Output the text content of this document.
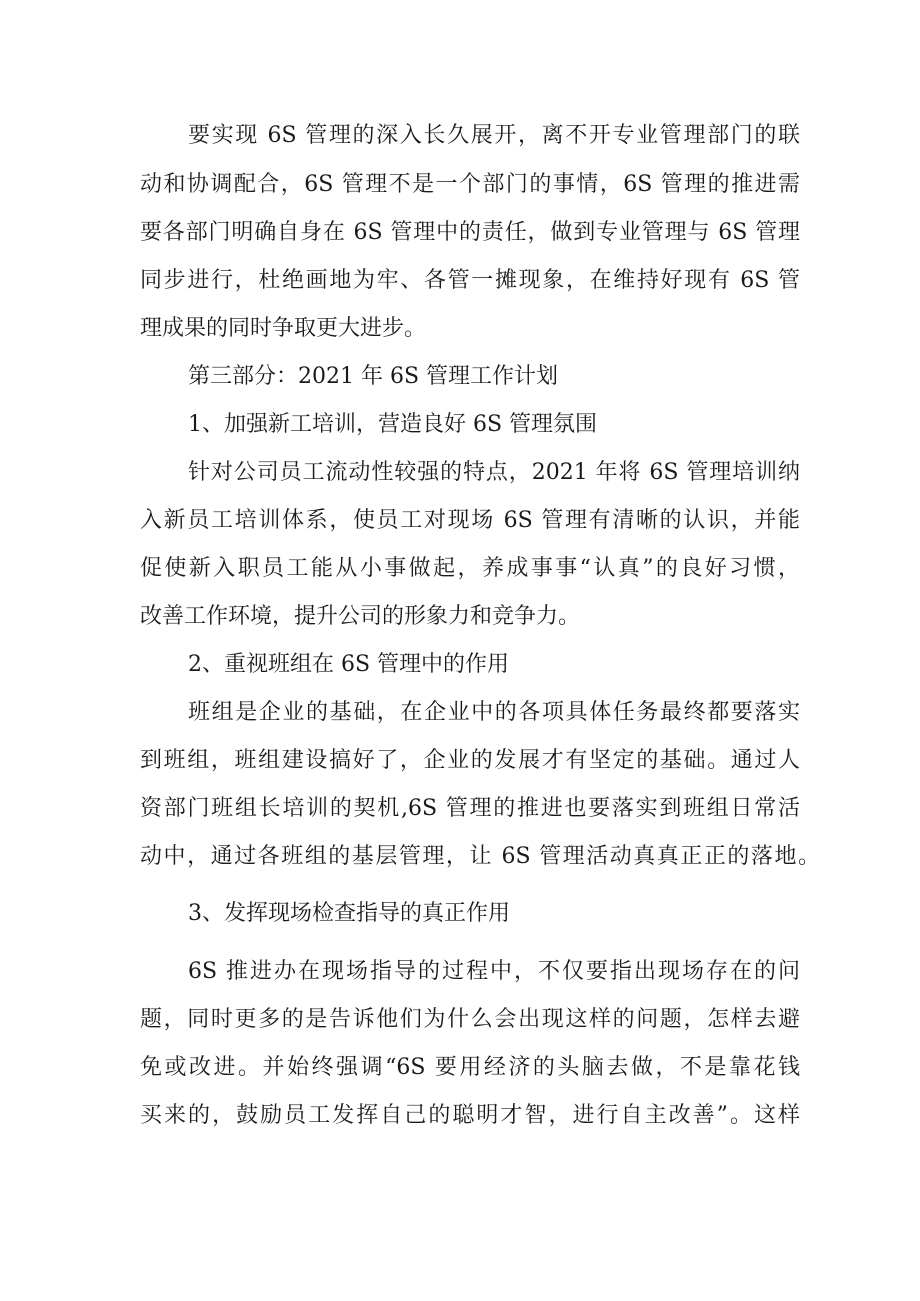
要实现 6S 管理的深入长久展开，离不开专业管理部门的联
动和协调配合，6S 管理不是一个部门的事情，6S 管理的推进需
要各部门明确自身在 6S 管理中的责任，做到专业管理与 6S 管理
同步进行，杜绝画地为牢、各管一摊现象，在维持好现有 6S 管
理成果的同时争取更大进步。
第三部分：2021 年 6S 管理工作计划
1、加强新工培训，营造良好 6S 管理氛围
针对公司员工流动性较强的特点，2021 年将 6S 管理培训纳
入新员工培训体系，使员工对现场 6S 管理有清晰的认识，并能
促使新入职员工能从小事做起，养成事事“认真”的良好习惯，
改善工作环境，提升公司的形象力和竞争力。
2、重视班组在 6S 管理中的作用
班组是企业的基础，在企业中的各项具体任务最终都要落实
到班组，班组建设搞好了，企业的发展才有坚定的基础。通过人
资部门班组长培训的契机,6S 管理的推进也要落实到班组日常活
动中，通过各班组的基层管理，让 6S 管理活动真真正正的落地。
3、发挥现场检查指导的真正作用
6S 推进办在现场指导的过程中，不仅要指出现场存在的问
题，同时更多的是告诉他们为什么会出现这样的问题，怎样去避
免或改进。并始终强调“6S 要用经济的头脑去做，不是靠花钱
买来的，鼓励员工发挥自己的聪明才智，进行自主改善”。这样
